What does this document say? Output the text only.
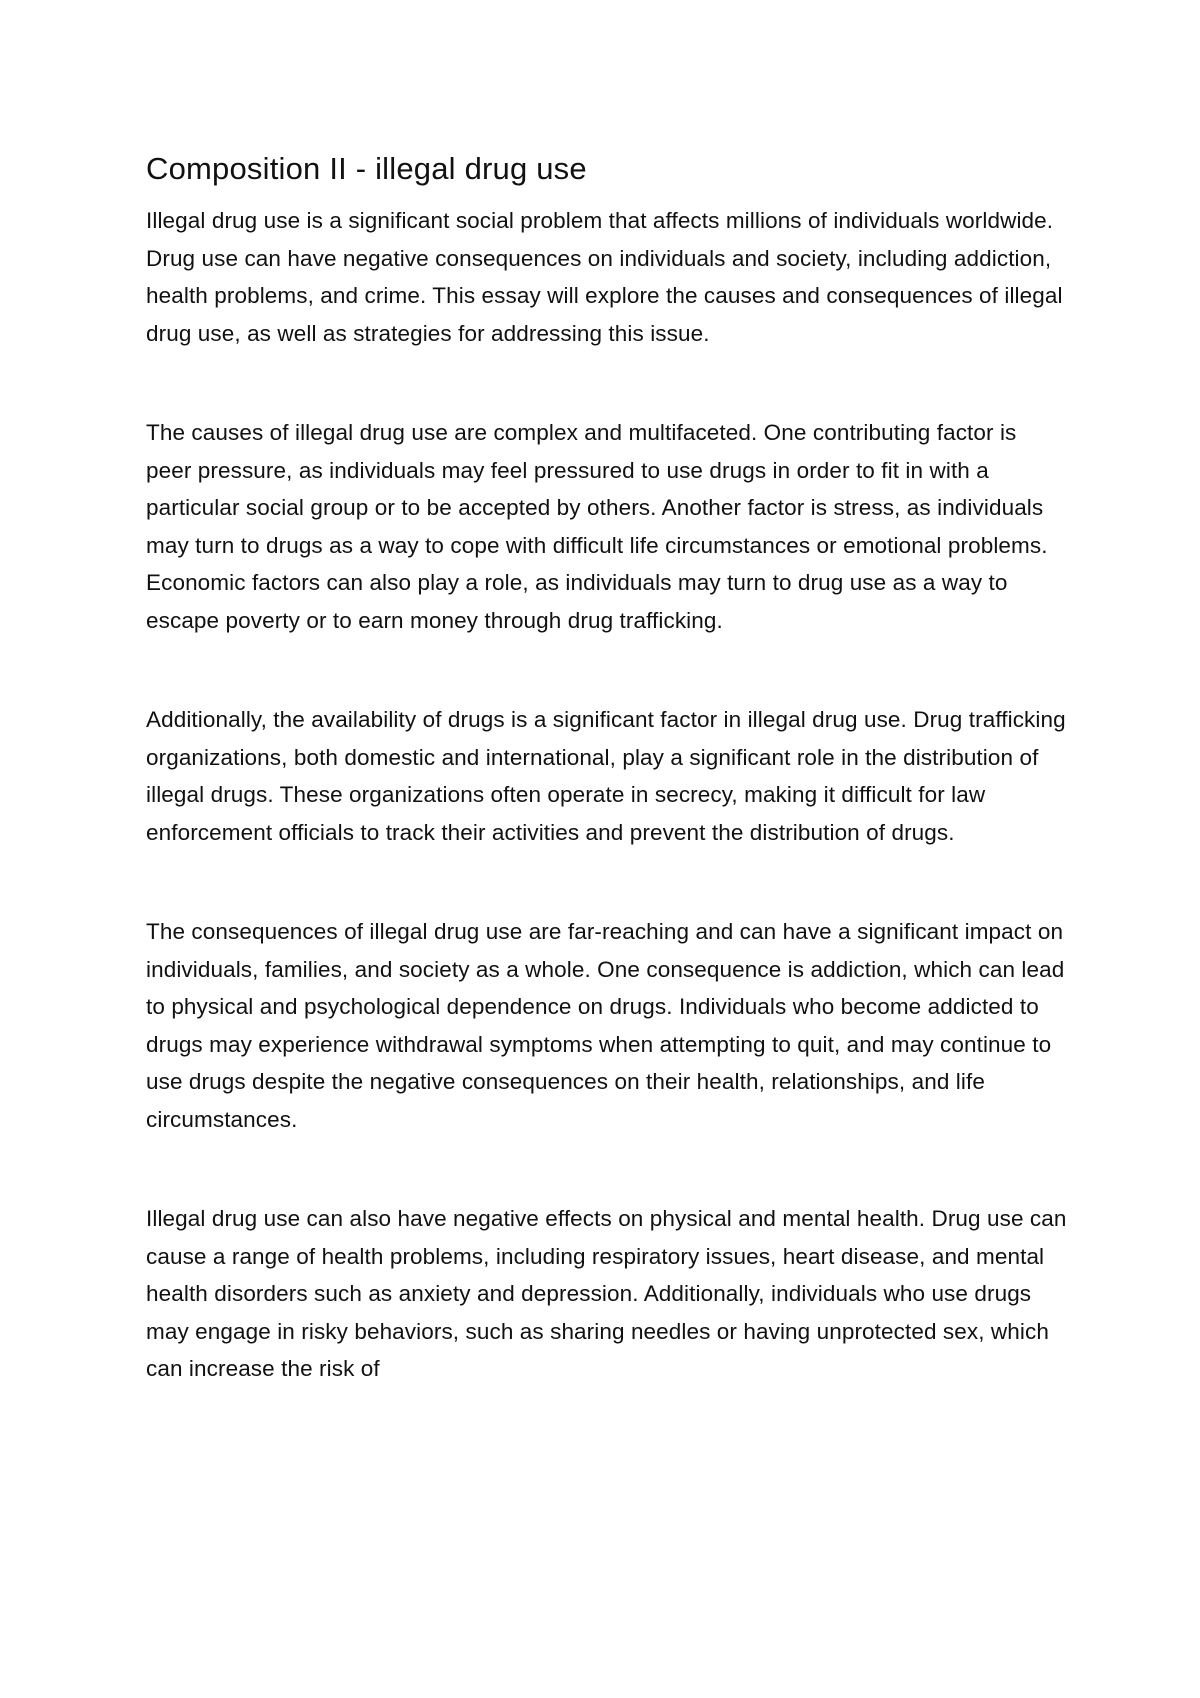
Composition II - illegal drug use

Illegal drug use is a significant social problem that affects millions of individuals worldwide. Drug use can have negative consequences on individuals and society, including addiction, health problems, and crime. This essay will explore the causes and consequences of illegal drug use, as well as strategies for addressing this issue.

The causes of illegal drug use are complex and multifaceted. One contributing factor is peer pressure, as individuals may feel pressured to use drugs in order to fit in with a particular social group or to be accepted by others. Another factor is stress, as individuals may turn to drugs as a way to cope with difficult life circumstances or emotional problems. Economic factors can also play a role, as individuals may turn to drug use as a way to escape poverty or to earn money through drug trafficking.

Additionally, the availability of drugs is a significant factor in illegal drug use. Drug trafficking organizations, both domestic and international, play a significant role in the distribution of illegal drugs. These organizations often operate in secrecy, making it difficult for law enforcement officials to track their activities and prevent the distribution of drugs.

The consequences of illegal drug use are far-reaching and can have a significant impact on individuals, families, and society as a whole. One consequence is addiction, which can lead to physical and psychological dependence on drugs. Individuals who become addicted to drugs may experience withdrawal symptoms when attempting to quit, and may continue to use drugs despite the negative consequences on their health, relationships, and life circumstances.

Illegal drug use can also have negative effects on physical and mental health. Drug use can cause a range of health problems, including respiratory issues, heart disease, and mental health disorders such as anxiety and depression. Additionally, individuals who use drugs may engage in risky behaviors, such as sharing needles or having unprotected sex, which can increase the risk of
